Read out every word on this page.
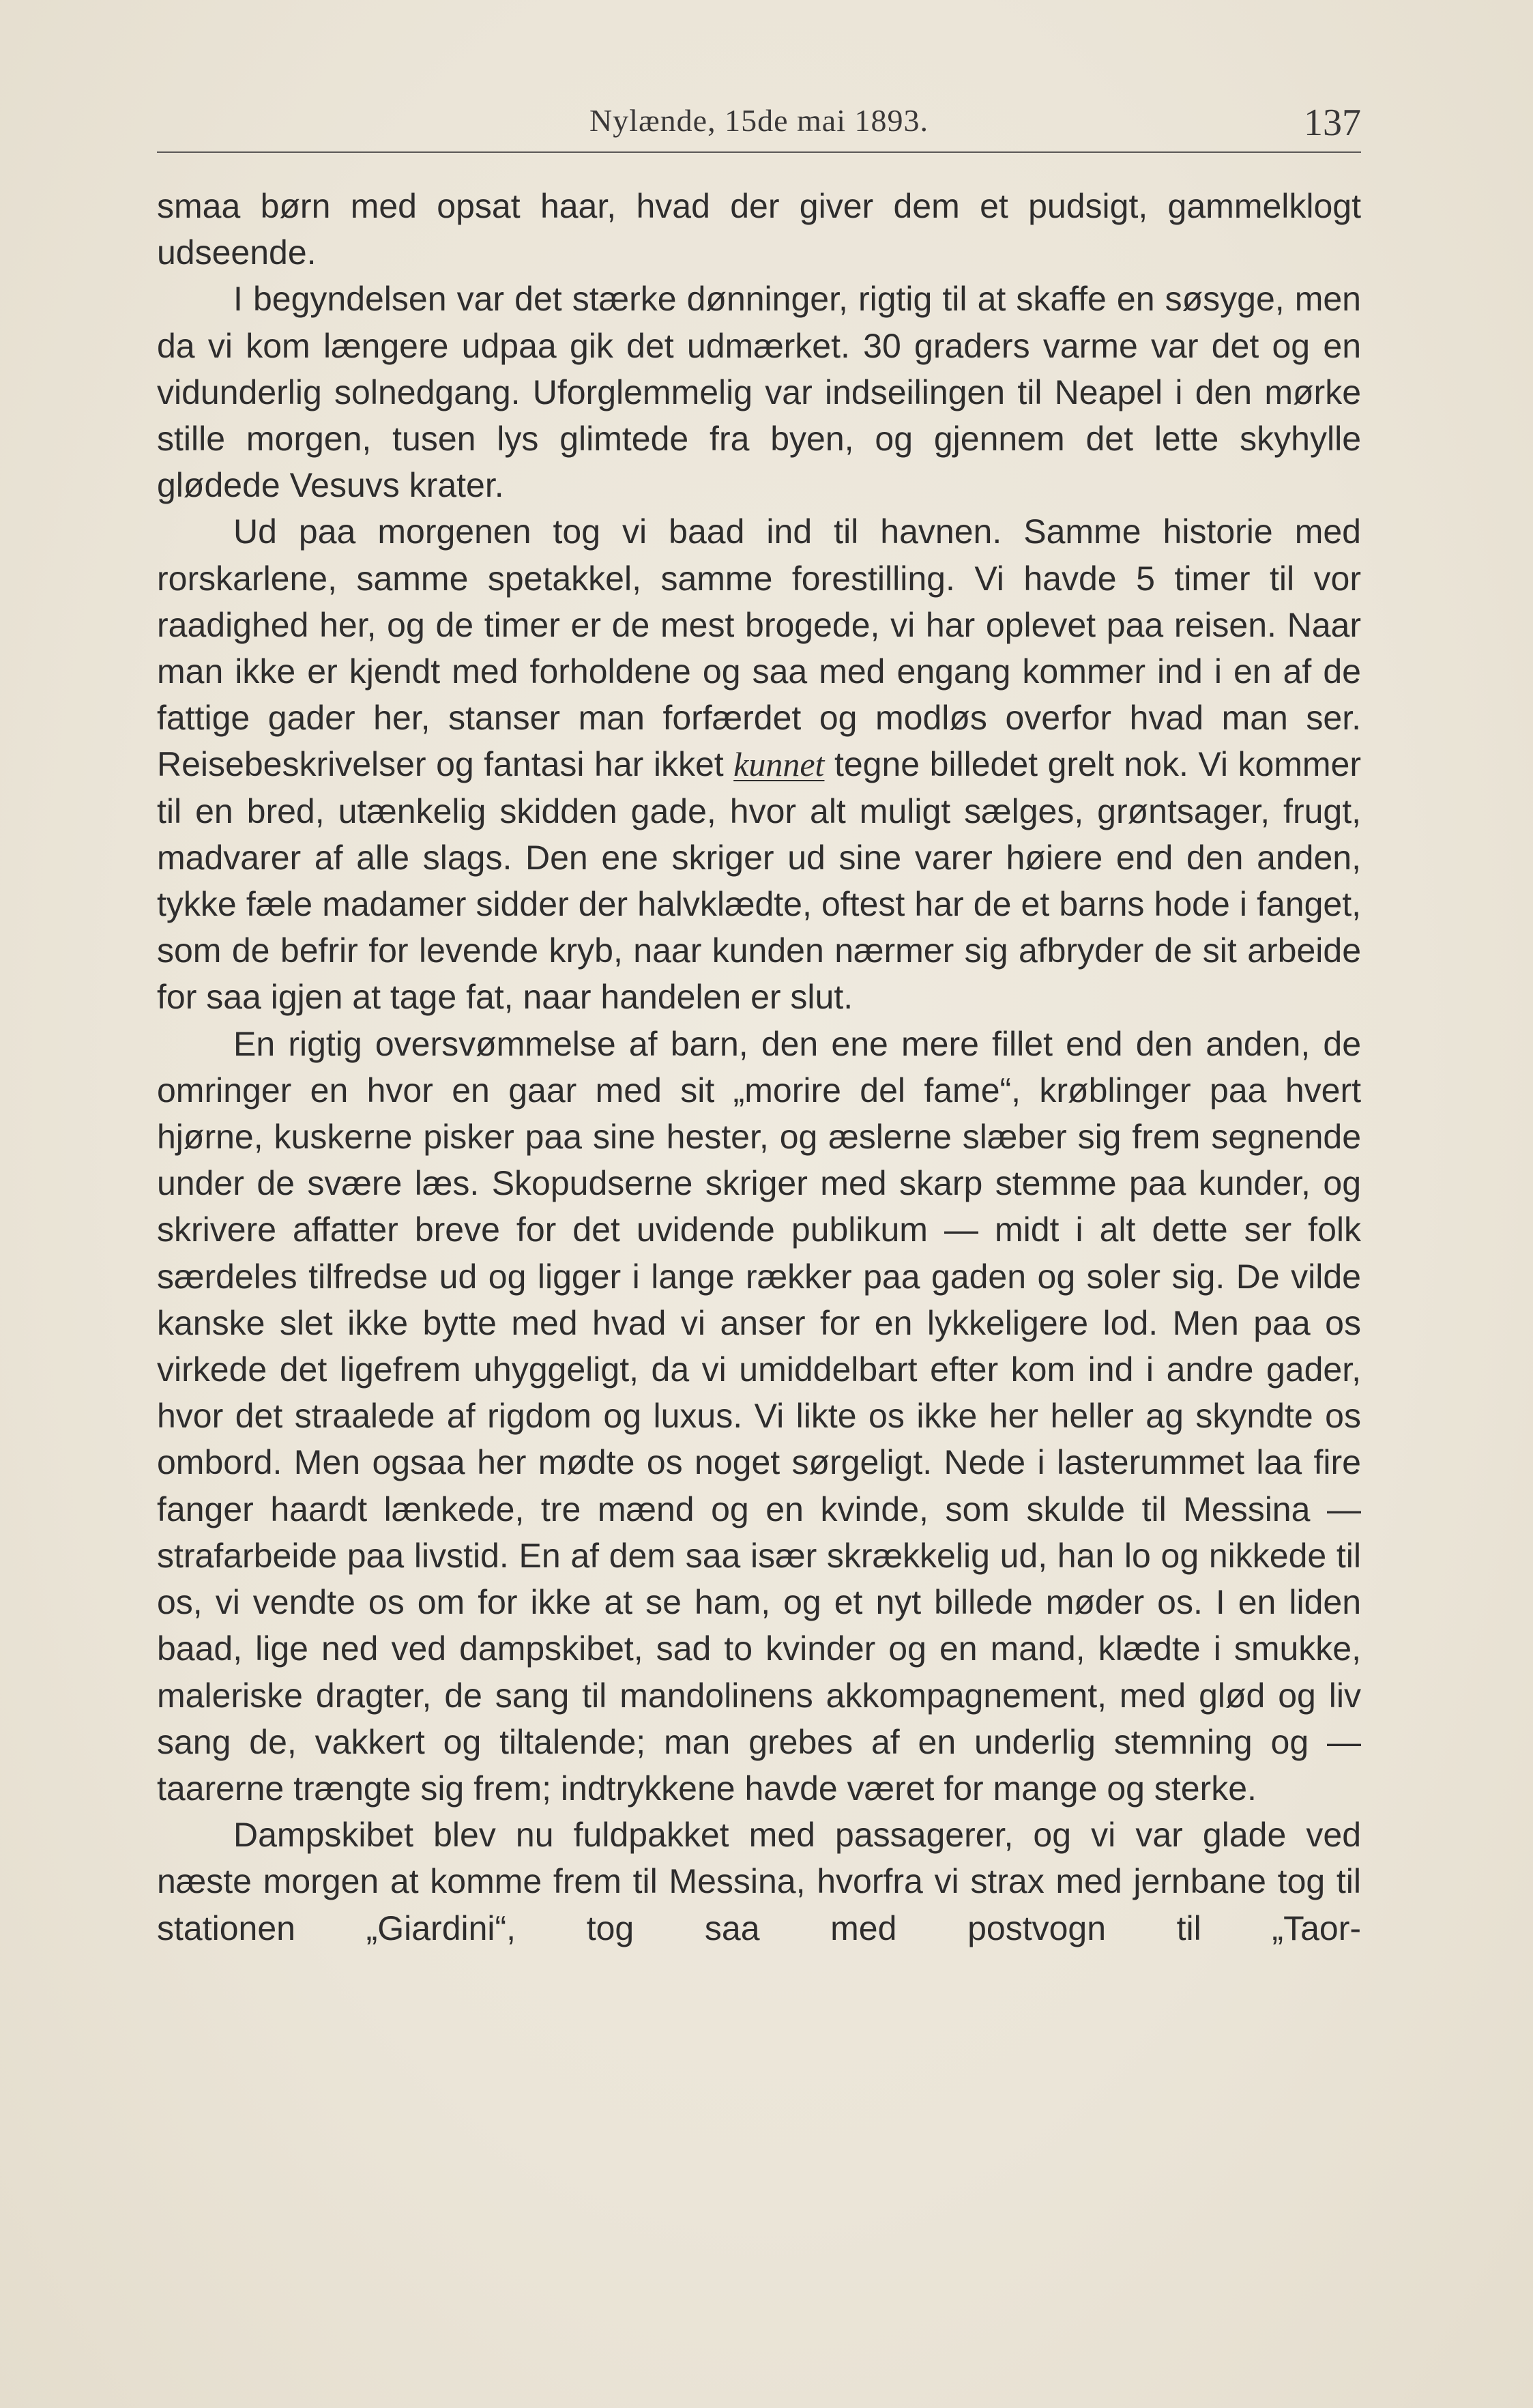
Nylænde, 15de mai 1893.	137

smaa børn med opsat haar, hvad der giver dem et pudsigt, gammelklogt udseende.

I begyndelsen var det stærke dønninger, rigtig til at skaffe en søsyge, men da vi kom længere udpaa gik det udmærket. 30 graders varme var det og en vidunderlig solnedgang. Uforglemmelig var indseilingen til Neapel i den mørke stille morgen, tusen lys glimtede fra byen, og gjennem det lette skyhylle glødede Vesuvs krater.

Ud paa morgenen tog vi baad ind til havnen. Samme historie med rorskarlene, samme spetakkel, samme forestilling. Vi havde 5 timer til vor raadighed her, og de timer er de mest brogede, vi har oplevet paa reisen. Naar man ikke er kjendt med forholdene og saa med engang kommer ind i en af de fattige gader her, stanser man forfærdet og modløs overfor hvad man ser. Reisebeskrivelser og fantasi har ikket kunnet tegne billedet grelt nok. Vi kommer til en bred, utænkelig skidden gade, hvor alt muligt sælges, grøntsager, frugt, madvarer af alle slags. Den ene skriger ud sine varer høiere end den anden, tykke fæle madamer sidder der halvklædte, oftest har de et barns hode i fanget, som de befrir for levende kryb, naar kunden nærmer sig afbryder de sit arbeide for saa igjen at tage fat, naar handelen er slut.

En rigtig oversvømmelse af barn, den ene mere fillet end den anden, de omringer en hvor en gaar med sit „morire del fame“, krøblinger paa hvert hjørne, kuskerne pisker paa sine hester, og æslerne slæber sig frem segnende under de svære læs. Skopudserne skriger med skarp stemme paa kunder, og skrivere affatter breve for det uvidende publikum — midt i alt dette ser folk særdeles tilfredse ud og ligger i lange rækker paa gaden og soler sig. De vilde kanske slet ikke bytte med hvad vi anser for en lykkeligere lod. Men paa os virkede det ligefrem uhyggeligt, da vi umiddelbart efter kom ind i andre gader, hvor det straalede af rigdom og luxus. Vi likte os ikke her heller ag skyndte os ombord. Men ogsaa her mødte os noget sørgeligt. Nede i lasterummet laa fire fanger haardt lænkede, tre mænd og en kvinde, som skulde til Messina — strafarbeide paa livstid. En af dem saa især skrækkelig ud, han lo og nikkede til os, vi vendte os om for ikke at se ham, og et nyt billede møder os. I en liden baad, lige ned ved dampskibet, sad to kvinder og en mand, klædte i smukke, maleriske dragter, de sang til mandolinens akkompagnement, med glød og liv sang de, vakkert og tiltalende; man grebes af en underlig stemning og — taarerne trængte sig frem; indtrykkene havde været for mange og sterke.

Dampskibet blev nu fuldpakket med passagerer, og vi var glade ved næste morgen at komme frem til Messina, hvorfra vi strax med jernbane tog til stationen „Giardini“, tog saa med postvogn til „Taor-
